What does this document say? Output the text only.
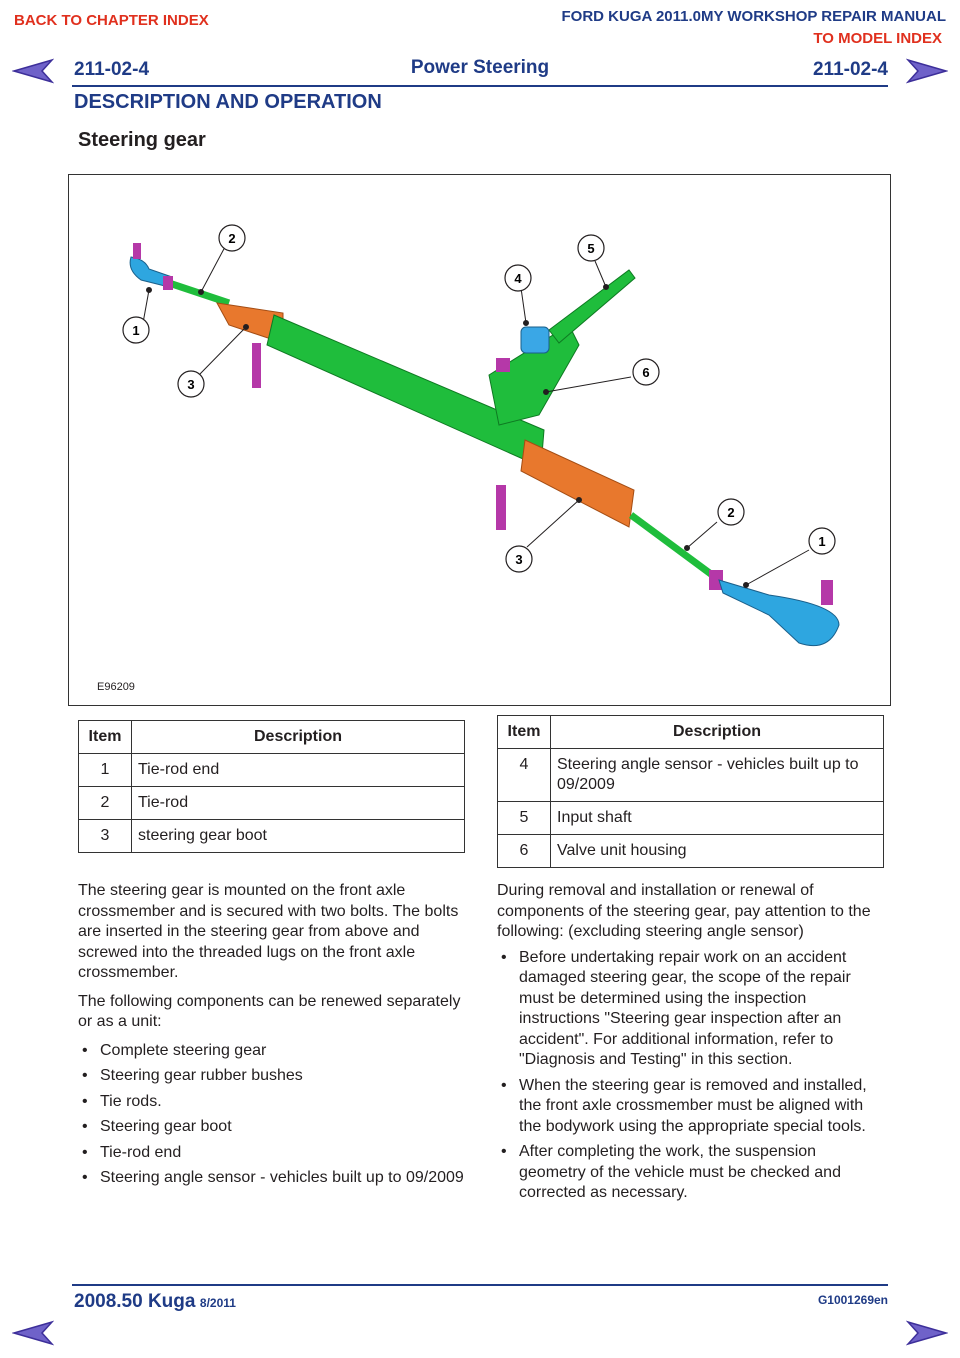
BACK TO CHAPTER INDEX	FORD KUGA 2011.0MY WORKSHOP REPAIR MANUAL
TO MODEL INDEX
211-02-4	Power Steering	211-02-4
DESCRIPTION AND OPERATION
Steering gear
2
1
3
4
5
6
2
1
3
E96209
Item	Description
1	Tie-rod end
2	Tie-rod
3	steering gear boot
Item	Description
4	Steering angle sensor - vehicles built up to 09/2009
5	Input shaft
6	Valve unit housing

The steering gear is mounted on the front axle crossmember and is secured with two bolts. The bolts are inserted in the steering gear from above and screwed into the threaded lugs on the front axle crossmember.

The following components can be renewed separately or as a unit:

• Complete steering gear
• Steering gear rubber bushes
• Tie rods.
• Steering gear boot
• Tie-rod end
• Steering angle sensor - vehicles built up to 09/2009

During removal and installation or renewal of components of the steering gear, pay attention to the following: (excluding steering angle sensor)

• Before undertaking repair work on an accident damaged steering gear, the scope of the repair must be determined using the inspection instructions "Steering gear inspection after an accident". For additional information, refer to "Diagnosis and Testing" in this section.
• When the steering gear is removed and installed, the front axle crossmember must be aligned with the bodywork using the appropriate special tools.
• After completing the work, the suspension geometry of the vehicle must be checked and corrected as necessary.
2008.50 Kuga 8/2011	G1001269en
